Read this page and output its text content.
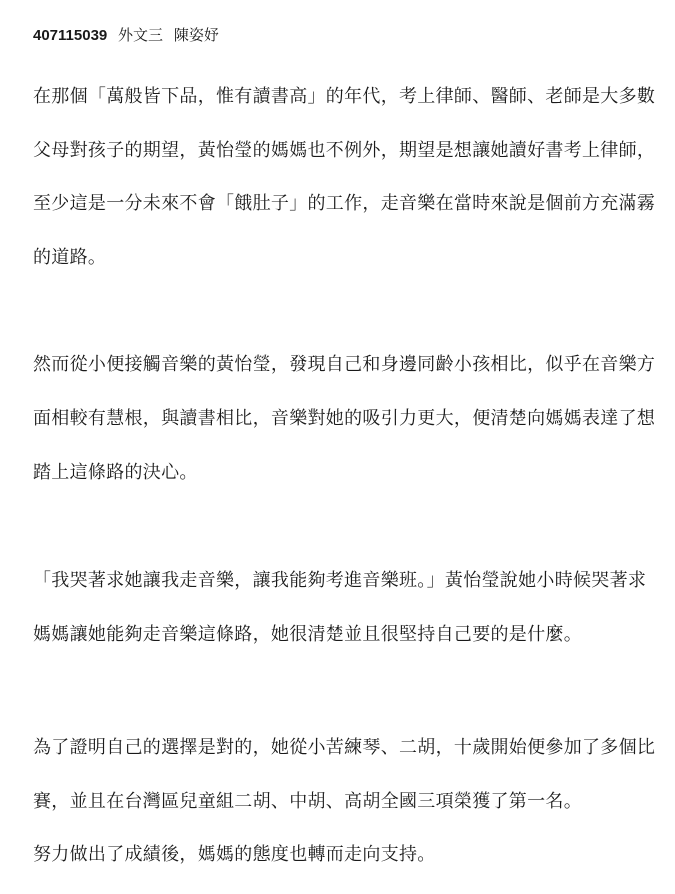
407115039 外文三 陳姿妤
在那個「萬般皆下品，惟有讀書高」的年代，考上律師、醫師、老師是大多數
父母對孩子的期望，黃怡瑩的媽媽也不例外，期望是想讓她讀好書考上律師，
至少這是一分未來不會「餓肚子」的工作，走音樂在當時來說是個前方充滿霧
的道路。
然而從小便接觸音樂的黃怡瑩，發現自己和身邊同齡小孩相比，似乎在音樂方
面相較有慧根，與讀書相比，音樂對她的吸引力更大，便清楚向媽媽表達了想
踏上這條路的決心。
「我哭著求她讓我走音樂，讓我能夠考進音樂班。」黃怡瑩說她小時候哭著求
媽媽讓她能夠走音樂這條路，她很清楚並且很堅持自己要的是什麼。
為了證明自己的選擇是對的，她從小苦練琴、二胡，十歲開始便參加了多個比
賽，並且在台灣區兒童組二胡、中胡、高胡全國三項榮獲了第一名。
努力做出了成績後，媽媽的態度也轉而走向支持。
